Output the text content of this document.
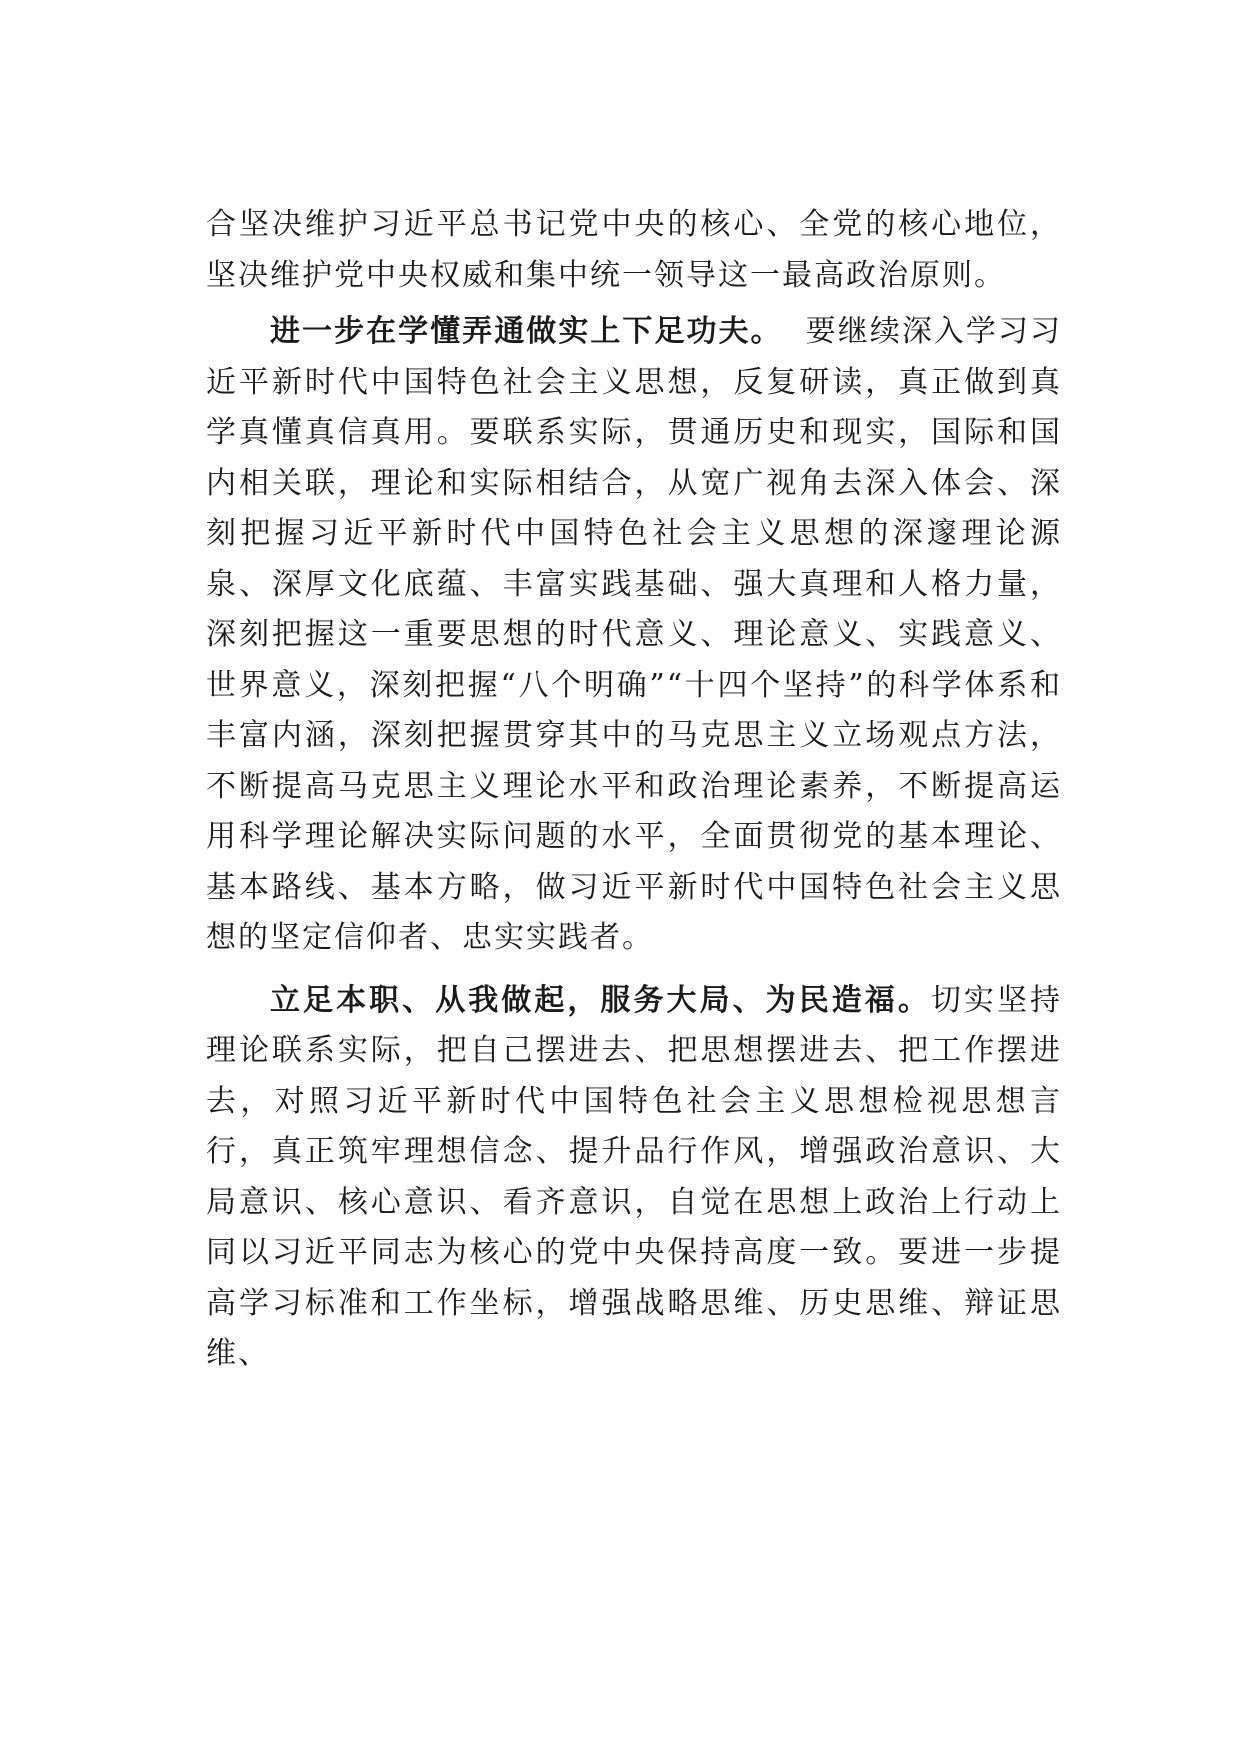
合坚决维护习近平总书记党中央的核心、全党的核心地位，坚决维护党中央权威和集中统一领导这一最高政治原则。

进一步在学懂弄通做实上下足功夫。  要继续深入学习习近平新时代中国特色社会主义思想，反复研读，真正做到真学真懂真信真用。要联系实际，贯通历史和现实，国际和国内相关联，理论和实际相结合，从宽广视角去深入体会、深刻把握习近平新时代中国特色社会主义思想的深邃理论源泉、深厚文化底蕴、丰富实践基础、强大真理和人格力量，深刻把握这一重要思想的时代意义、理论意义、实践意义、世界意义，深刻把握“八个明确”“十四个坚持”的科学体系和丰富内涵，深刻把握贯穿其中的马克思主义立场观点方法，不断提高马克思主义理论水平和政治理论素养，不断提高运用科学理论解决实际问题的水平，全面贯彻党的基本理论、基本路线、基本方略，做习近平新时代中国特色社会主义思想的坚定信仰者、忠实实践者。

立足本职、从我做起，服务大局、为民造福。切实坚持理论联系实际，把自己摆进去、把思想摆进去、把工作摆进去，对照习近平新时代中国特色社会主义思想检视思想言行，真正筑牢理想信念、提升品行作风，增强政治意识、大局意识、核心意识、看齐意识，自觉在思想上政治上行动上同以习近平同志为核心的党中央保持高度一致。要进一步提高学习标准和工作坐标，增强战略思维、历史思维、辩证思维、
